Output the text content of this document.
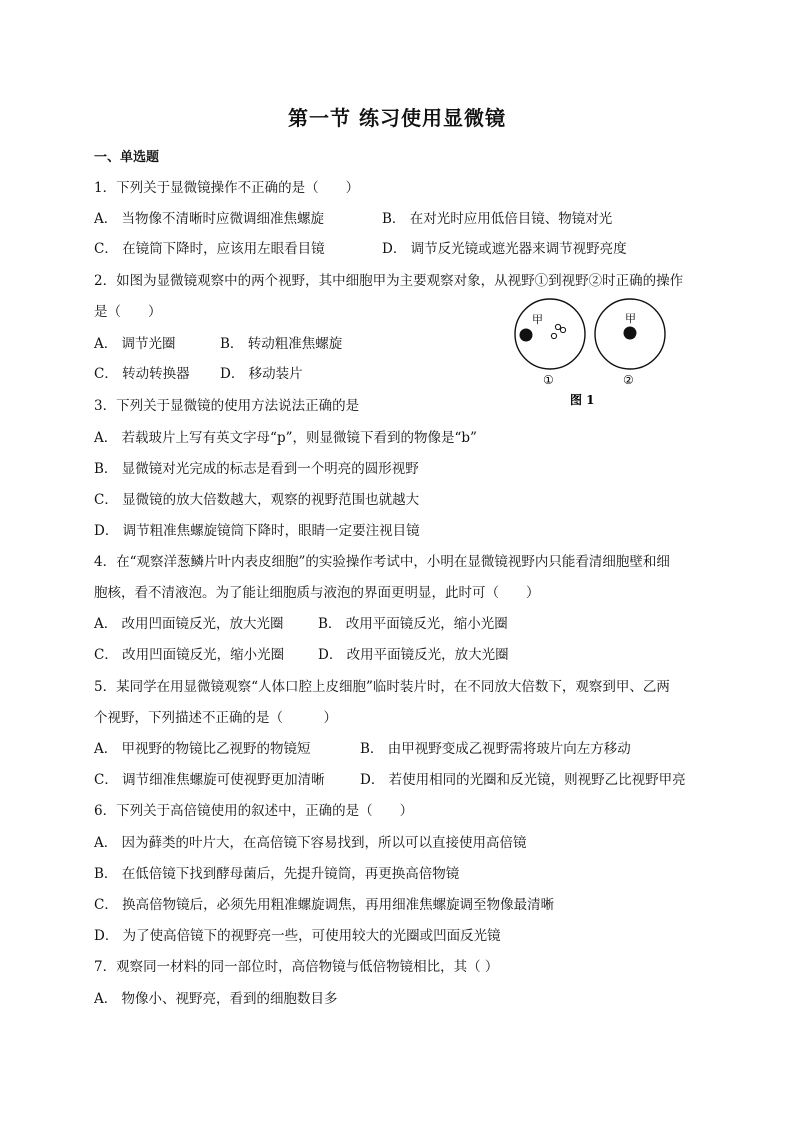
第一节 练习使用显微镜
一、单选题
1．下列关于显微镜操作不正确的是（　　）
A． 当物像不清晰时应微调细准焦螺旋	B． 在对光时应用低倍目镜、物镜对光
C． 在镜筒下降时，应该用左眼看目镜	D． 调节反光镜或遮光器来调节视野亮度
2．如图为显微镜观察中的两个视野，其中细胞甲为主要观察对象，从视野①到视野②时正确的操作
是（　　）
A． 调节光圈	B． 转动粗准焦螺旋
C． 转动转换器 D． 移动装片
甲	甲
①	②
图 1
3．下列关于显微镜的使用方法说法正确的是
A． 若载玻片上写有英文字母“p”，则显微镜下看到的物像是“b”
B． 显微镜对光完成的标志是看到一个明亮的圆形视野
C． 显微镜的放大倍数越大，观察的视野范围也就越大
D． 调节粗准焦螺旋镜筒下降时，眼睛一定要注视目镜
4．在“观察洋葱鳞片叶内表皮细胞”的实验操作考试中，小明在显微镜视野内只能看清细胞壁和细
胞核，看不清液泡。为了能让细胞质与液泡的界面更明显，此时可（　　）
A． 改用凹面镜反光，放大光圈	B． 改用平面镜反光，缩小光圈
C． 改用凹面镜反光，缩小光圈	D． 改用平面镜反光，放大光圈
5．某同学在用显微镜观察“人体口腔上皮细胞”临时装片时，在不同放大倍数下，观察到甲、乙两
个视野，下列描述不正确的是（　　　）
A． 甲视野的物镜比乙视野的物镜短	B． 由甲视野变成乙视野需将玻片向左方移动
C． 调节细准焦螺旋可使视野更加清晰	D． 若使用相同的光圈和反光镜，则视野乙比视野甲亮
6．下列关于高倍镜使用的叙述中，正确的是（　　）
A． 因为藓类的叶片大，在高倍镜下容易找到，所以可以直接使用高倍镜
B． 在低倍镜下找到酵母菌后，先提升镜筒，再更换高倍物镜
C． 换高倍物镜后，必须先用粗准螺旋调焦，再用细准焦螺旋调至物像最清晰
D． 为了使高倍镜下的视野亮一些，可使用较大的光圈或凹面反光镜
7．观察同一材料的同一部位时，高倍物镜与低倍物镜相比，其（ ）
A． 物像小、视野亮，看到的细胞数目多
